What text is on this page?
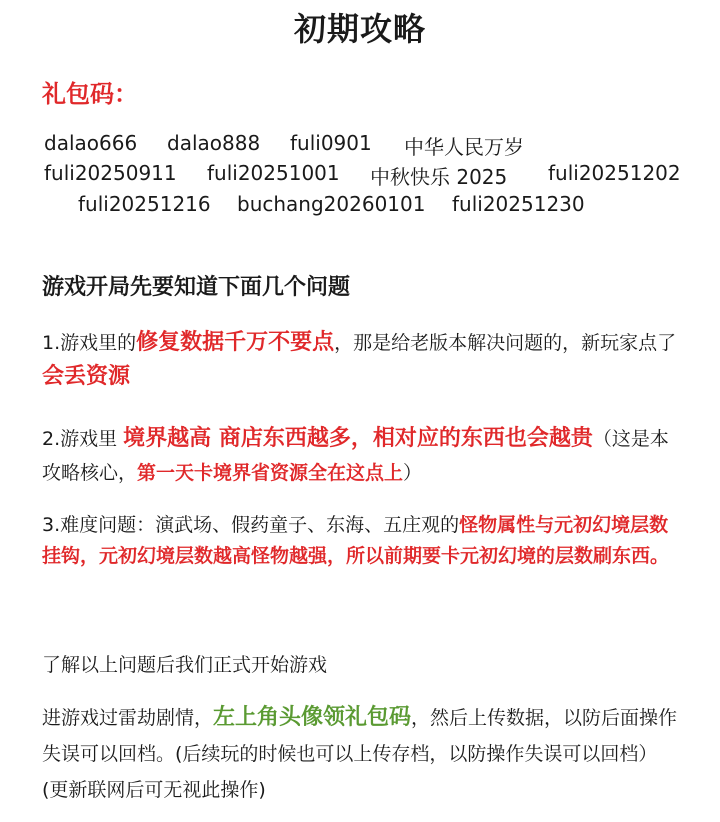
初期攻略
礼包码：
dalao666 dalao888 fuli0901 中华人民万岁
fuli20250911 fuli20251001 中秋快乐 2025 fuli20251202
fuli20251216 buchang20260101 fuli20251230
游戏开局先要知道下面几个问题
1.游戏里的修复数据千万不要点，那是给老版本解决问题的，新玩家点了会丢资源
2.游戏里 境界越高 商店东西越多，相对应的东西也会越贵（这是本攻略核心，第一天卡境界省资源全在这点上）
3.难度问题：演武场、假药童子、东海、五庄观的怪物属性与元初幻境层数挂钩，元初幻境层数越高怪物越强，所以前期要卡元初幻境的层数刷东西。
了解以上问题后我们正式开始游戏
进游戏过雷劫剧情，左上角头像领礼包码，然后上传数据，以防后面操作失误可以回档。(后续玩的时候也可以上传存档，以防操作失误可以回档）(更新联网后可无视此操作)
